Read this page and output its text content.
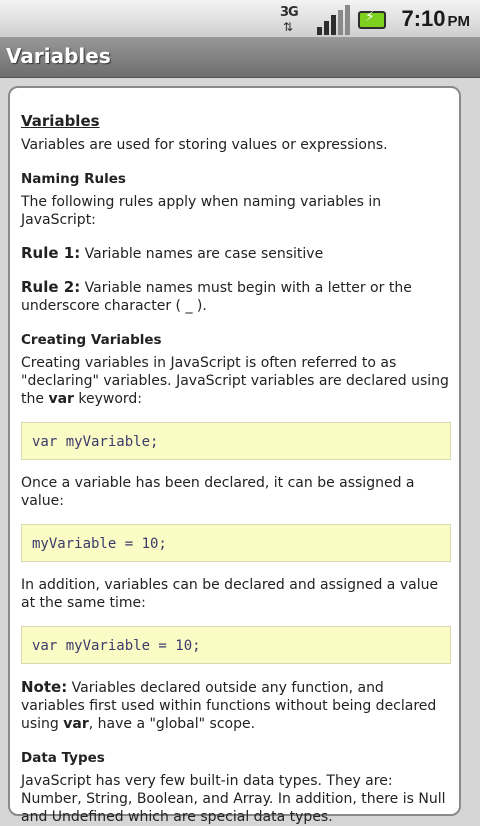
3G
⇅
⚡ 7:10 PM
Variables
Variables

Variables are used for storing values or expressions.

Naming Rules

The following rules apply when naming variables in JavaScript:

Rule 1: Variable names are case sensitive

Rule 2: Variable names must begin with a letter or the underscore character ( _ ).

Creating Variables

Creating variables in JavaScript is often referred to as "declaring" variables. JavaScript variables are declared using the var keyword:

var myVariable;

Once a variable has been declared, it can be assigned a value:

myVariable = 10;

In addition, variables can be declared and assigned a value at the same time:

var myVariable = 10;

Note: Variables declared outside any function, and variables first used within functions without being declared using var, have a "global" scope.

Data Types

JavaScript has very few built-in data types. They are: Number, String, Boolean, and Array. In addition, there is Null and Undefined which are special data types.
